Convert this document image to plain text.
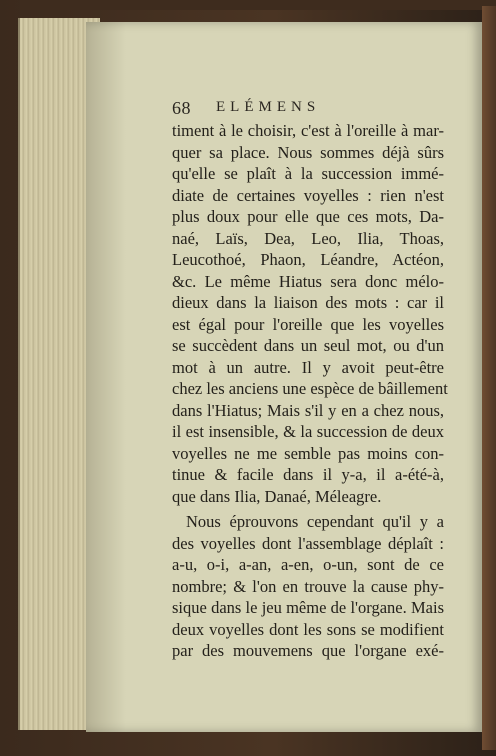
68 ELÉMENS
timent à le choisir, c'est à l'oreille à mar-
quer sa place. Nous sommes déjà sûrs
qu'elle se plaît à la succession immé-
diate de certaines voyelles : rien n'est
plus doux pour elle que ces mots, Da-
naé, Laïs, Dea, Leo, Ilia, Thoas,
Leucothoé, Phaon, Léandre, Actéon,
&c. Le même Hiatus sera donc mélo-
dieux dans la liaison des mots : car il
est égal pour l'oreille que les voyelles
se succèdent dans un seul mot, ou d'un
mot à un autre. Il y avoit peut-être
chez les anciens une espèce de bâillement
dans l'Hiatus; Mais s'il y en a chez nous,
il est insensible, & la succession de deux
voyelles ne me semble pas moins con-
tinue & facile dans il y-a, il a-été-à,
que dans Ilia, Danaé, Méleagre.
Nous éprouvons cependant qu'il y a
des voyelles dont l'assemblage déplaît :
a-u, o-i, a-an, a-en, o-un, sont de ce
nombre; & l'on en trouve la cause phy-
sique dans le jeu même de l'organe. Mais
deux voyelles dont les sons se modifient
par des mouvemens que l'organe exé-
